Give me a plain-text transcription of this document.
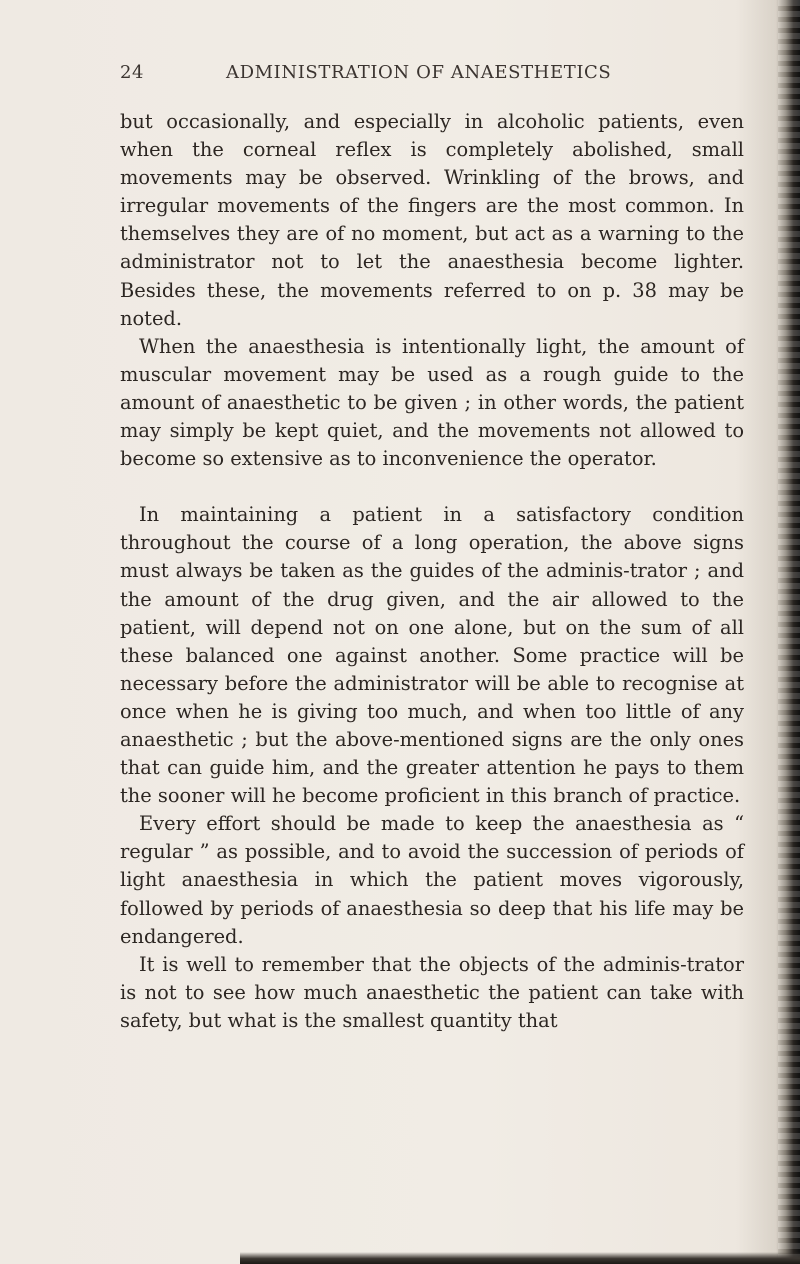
24	ADMINISTRATION OF ANAESTHETICS

but occasionally, and especially in alcoholic patients, even when the corneal reflex is completely abolished, small movements may be observed. Wrinkling of the brows, and irregular movements of the fingers are the most common. In themselves they are of no moment, but act as a warning to the administrator not to let the anaesthesia become lighter. Besides these, the movements referred to on p. 38 may be noted.

When the anaesthesia is intentionally light, the amount of muscular movement may be used as a rough guide to the amount of anaesthetic to be given ; in other words, the patient may simply be kept quiet, and the movements not allowed to become so extensive as to inconvenience the operator.

In maintaining a patient in a satisfactory condition throughout the course of a long operation, the above signs must always be taken as the guides of the adminis-trator ; and the amount of the drug given, and the air allowed to the patient, will depend not on one alone, but on the sum of all these balanced one against another. Some practice will be necessary before the administrator will be able to recognise at once when he is giving too much, and when too little of any anaesthetic ; but the above-mentioned signs are the only ones that can guide him, and the greater attention he pays to them the sooner will he become proficient in this branch of practice.

Every effort should be made to keep the anaesthesia as “ regular ” as possible, and to avoid the succession of periods of light anaesthesia in which the patient moves vigorously, followed by periods of anaesthesia so deep that his life may be endangered.

It is well to remember that the objects of the adminis-trator is not to see how much anaesthetic the patient can take with safety, but what is the smallest quantity that
